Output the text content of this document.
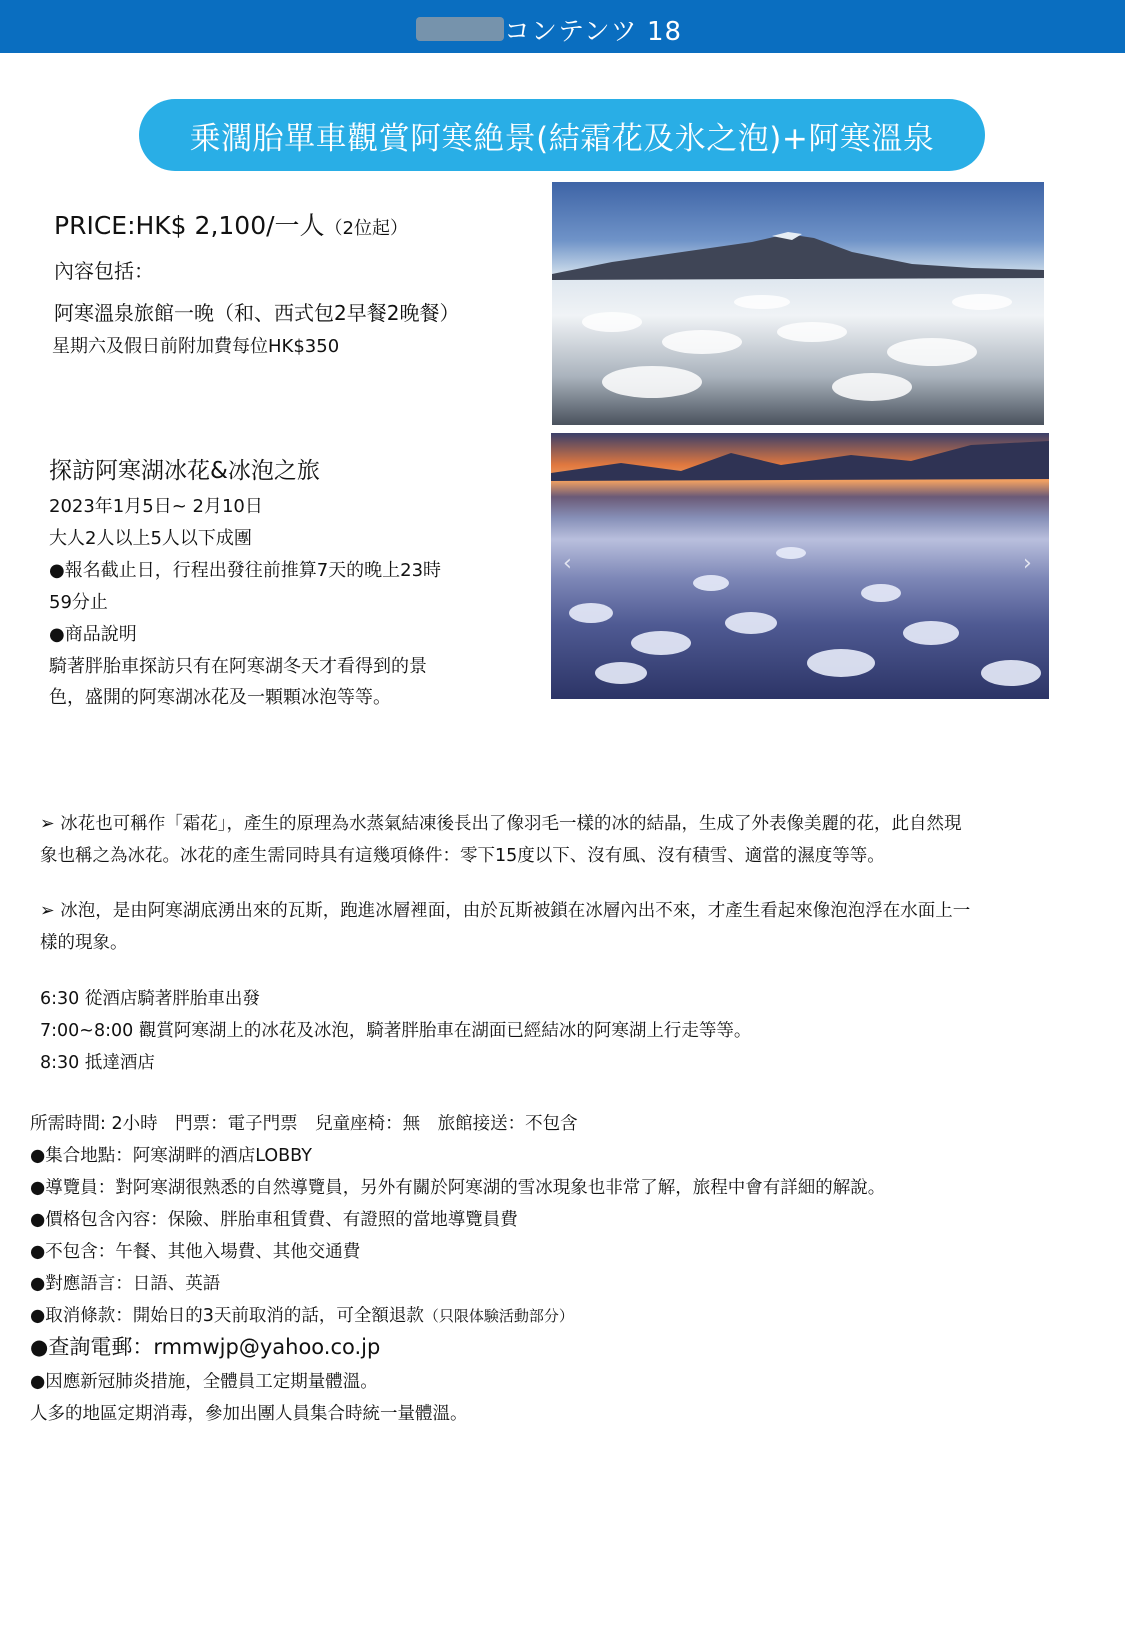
コンテンツ 18
乗濶胎單車觀賞阿寒絶景(結霜花及氷之泡)+阿寒溫泉
PRICE:HK$ 2,100/一人（2位起）
內容包括：
阿寒溫泉旅館一晚（和、西式包2早餐2晚餐）
星期六及假日前附加費每位HK$350
‹	›
探訪阿寒湖冰花&冰泡之旅
2023年1月5日~ 2月10日
大人2人以上5人以下成團
●報名截止日，行程出發往前推算7天的晚上23時
59分止
●商品說明
騎著胖胎車探訪只有在阿寒湖冬天才看得到的景
色，盛開的阿寒湖冰花及一顆顆冰泡等等。
➢ 冰花也可稱作「霜花」，產生的原理為水蒸氣結凍後長出了像羽毛一樣的冰的結晶，生成了外表像美麗的花，此自然現
象也稱之為冰花。冰花的產生需同時具有這幾項條件：零下15度以下、沒有風、沒有積雪、適當的濕度等等。
➢ 冰泡，是由阿寒湖底湧出來的瓦斯，跑進冰層裡面，由於瓦斯被鎖在冰層內出不來，才產生看起來像泡泡浮在水面上一
樣的現象。
6:30 從酒店騎著胖胎車出發
7:00~8:00 觀賞阿寒湖上的冰花及冰泡，騎著胖胎車在湖面已經結冰的阿寒湖上行走等等。
8:30 抵達酒店
所需時間: 2小時　門票：電子門票　兒童座椅：無　旅館接送：不包含
●集合地點：阿寒湖畔的酒店LOBBY
●導覽員：對阿寒湖很熟悉的自然導覽員，另外有關於阿寒湖的雪冰現象也非常了解，旅程中會有詳細的解說。
●價格包含內容：保險、胖胎車租賃費、有證照的當地導覽員費
●不包含：午餐、其他入場費、其他交通費
●對應語言：日語、英語
●取消條款：開始日的3天前取消的話，可全額退款（只限体験活動部分）
●查詢電郵：rmmwjp@yahoo.co.jp
●因應新冠肺炎措施，全體員工定期量體溫。
人多的地區定期消毒，參加出團人員集合時統一量體溫。
